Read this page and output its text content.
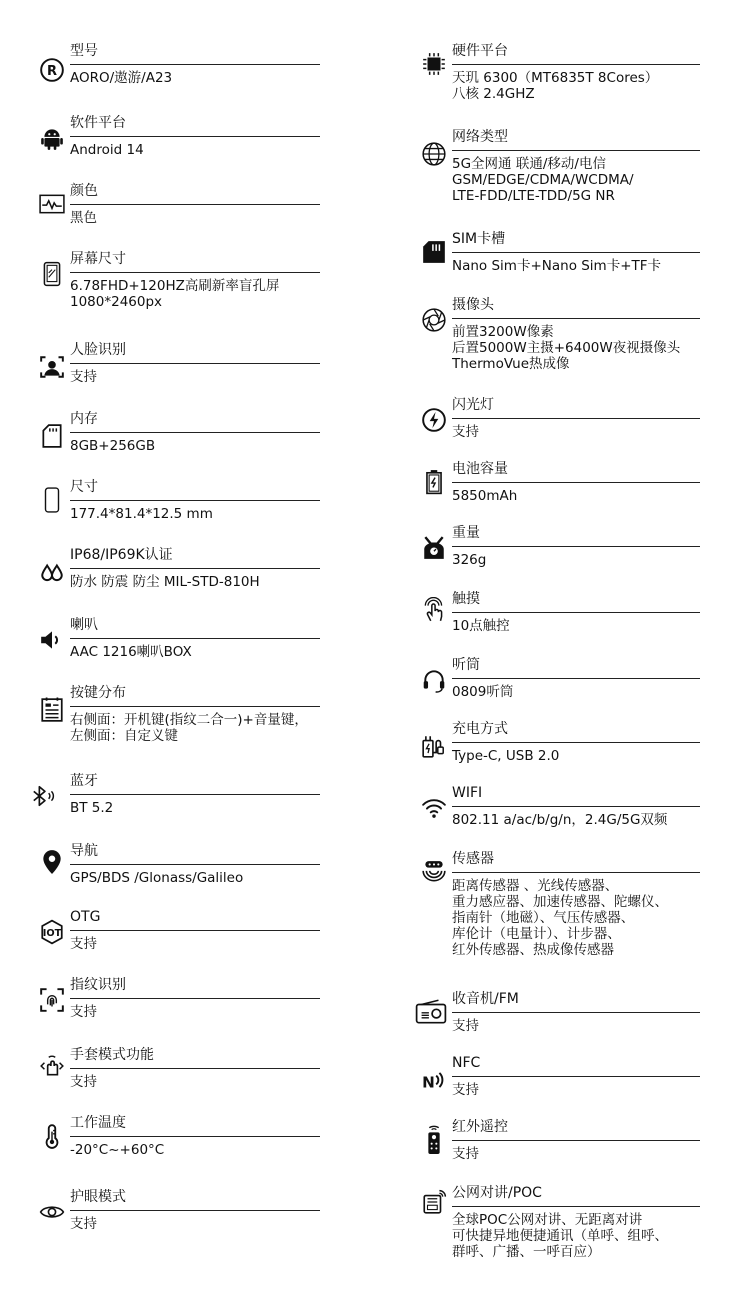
R
型号
AORO/遨游/A23
软件平台
Android 14
颜色
黑色
屏幕尺寸
6.78FHD+120HZ高刷新率盲孔屏
1080*2460px
人脸识别
支持
内存
8GB+256GB
尺寸
177.4*81.4*12.5 mm
IP68/IP69K认证
防水 防震 防尘 MIL-STD-810H
喇叭
AAC 1216喇叭BOX
按键分布
右侧面：开机键(指纹二合一)+音量键，
左侧面：自定义键
蓝牙
BT 5.2
导航
GPS/BDS /Glonass/Galileo
IOT
OTG
支持
指纹识别
支持
手套模式功能
支持
工作温度
-20°C~+60°C
护眼模式
支持
硬件平台
天玑 6300（MT6835T 8Cores）
八核 2.4GHZ
网络类型
5G全网通 联通/移动/电信
GSM/EDGE/CDMA/WCDMA/
LTE-FDD/LTE-TDD/5G NR
SIM卡槽
Nano Sim卡+Nano Sim卡+TF卡
摄像头
前置3200W像素
后置5000W主摄+6400W夜视摄像头
ThermoVue热成像
闪光灯
支持
电池容量
5850mAh
重量
326g
触摸
10点触控
听筒
0809听筒
充电方式
Type-C, USB 2.0
WIFI
802.11 a/ac/b/g/n，2.4G/5G双频
传感器
距离传感器 、光线传感器、
重力感应器、加速传感器、陀螺仪、
指南针（地磁）、气压传感器、
库伦计（电量计）、计步器、
红外传感器、热成像传感器
≡
收音机/FM
支持
N
NFC
支持
红外遥控
支持
公网对讲/POC
全球POC公网对讲、无距离对讲
可快捷异地便捷通讯（单呼、组呼、
群呼、广播、一呼百应）
